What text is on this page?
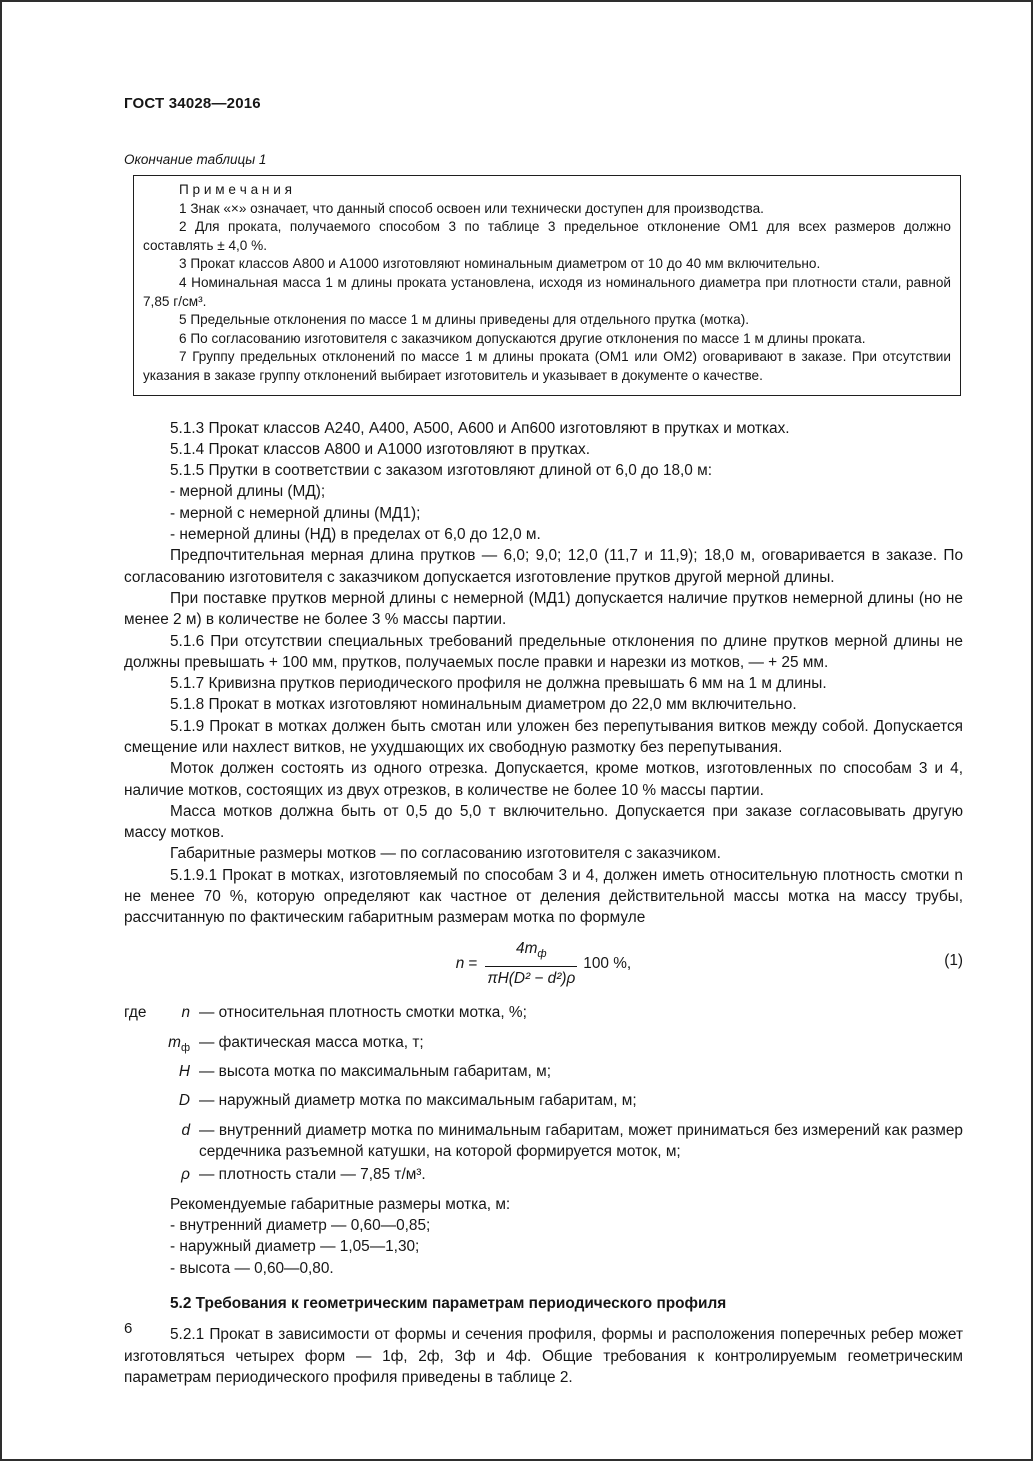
ГОСТ 34028—2016
Окончание таблицы 1
П р и м е ч а н и я

1 Знак «×» означает, что данный способ освоен или технически доступен для производства.

2 Для проката, получаемого способом 3 по таблице 3 предельное отклонение ОМ1 для всех размеров должно составлять ± 4,0 %.

3 Прокат классов А800 и А1000 изготовляют номинальным диаметром от 10 до 40 мм включительно.

4 Номинальная масса 1 м длины проката установлена, исходя из номинального диаметра при плотности стали, равной 7,85 г/см³.

5 Предельные отклонения по массе 1 м длины приведены для отдельного прутка (мотка).

6 По согласованию изготовителя с заказчиком допускаются другие отклонения по массе 1 м длины проката.

7 Группу предельных отклонений по массе 1 м длины проката (ОМ1 или ОМ2) оговаривают в заказе. При отсутствии указания в заказе группу отклонений выбирает изготовитель и указывает в документе о качестве.

5.1.3 Прокат классов А240, А400, А500, А600 и Ап600 изготовляют в прутках и мотках.

5.1.4 Прокат классов А800 и А1000 изготовляют в прутках.

5.1.5 Прутки в соответствии с заказом изготовляют длиной от 6,0 до 18,0 м:

- мерной длины (МД);

- мерной с немерной длины (МД1);

- немерной длины (НД) в пределах от 6,0 до 12,0 м.

Предпочтительная мерная длина прутков — 6,0; 9,0; 12,0 (11,7 и 11,9); 18,0 м, оговаривается в заказе. По согласованию изготовителя с заказчиком допускается изготовление прутков другой мерной длины.

При поставке прутков мерной длины с немерной (МД1) допускается наличие прутков немерной длины (но не менее 2 м) в количестве не более 3 % массы партии.

5.1.6 При отсутствии специальных требований предельные отклонения по длине прутков мерной длины не должны превышать + 100 мм, прутков, получаемых после правки и нарезки из мотков, — + 25 мм.

5.1.7 Кривизна прутков периодического профиля не должна превышать 6 мм на 1 м длины.

5.1.8 Прокат в мотках изготовляют номинальным диаметром до 22,0 мм включительно.

5.1.9 Прокат в мотках должен быть смотан или уложен без перепутывания витков между собой. Допускается смещение или нахлест витков, не ухудшающих их свободную размотку без перепутывания.

Моток должен состоять из одного отрезка. Допускается, кроме мотков, изготовленных по способам 3 и 4, наличие мотков, состоящих из двух отрезков, в количестве не более 10 % массы партии.

Масса мотков должна быть от 0,5 до 5,0 т включительно. Допускается при заказе согласовывать другую массу мотков.

Габаритные размеры мотков — по согласованию изготовителя с заказчиком.

5.1.9.1 Прокат в мотках, изготовляемый по способам 3 и 4, должен иметь относительную плотность смотки n не менее 70 %, которую определяют как частное от деления действительной массы мотка на массу трубы, рассчитанную по фактическим габаритным размерам мотка по формуле

$n = \frac{4m_ф}{\text{πH(D² − d²)ρ}} 100$ %,	(1)
где	n — относительная плотность смотки мотка, %;
$m_ф$ — фактическая масса мотка, т;
H — высота мотка по максимальным габаритам, м;
D — наружный диаметр мотка по максимальным габаритам, м;
d — внутренний диаметр мотка по минимальным габаритам, может приниматься без измерений как размер сердечника разъемной катушки, на которой формируется моток, м;
ρ — плотность стали — 7,85 т/м³.

Рекомендуемые габаритные размеры мотка, м:

- внутренний диаметр — 0,60—0,85;

- наружный диаметр — 1,05—1,30;

- высота — 0,60—0,80.

5.2 Требования к геометрическим параметрам периодического профиля

5.2.1 Прокат в зависимости от формы и сечения профиля, формы и расположения поперечных ребер может изготовляться четырех форм — 1ф, 2ф, 3ф и 4ф. Общие требования к контролируемым геометрическим параметрам периодического профиля приведены в таблице 2.

6
